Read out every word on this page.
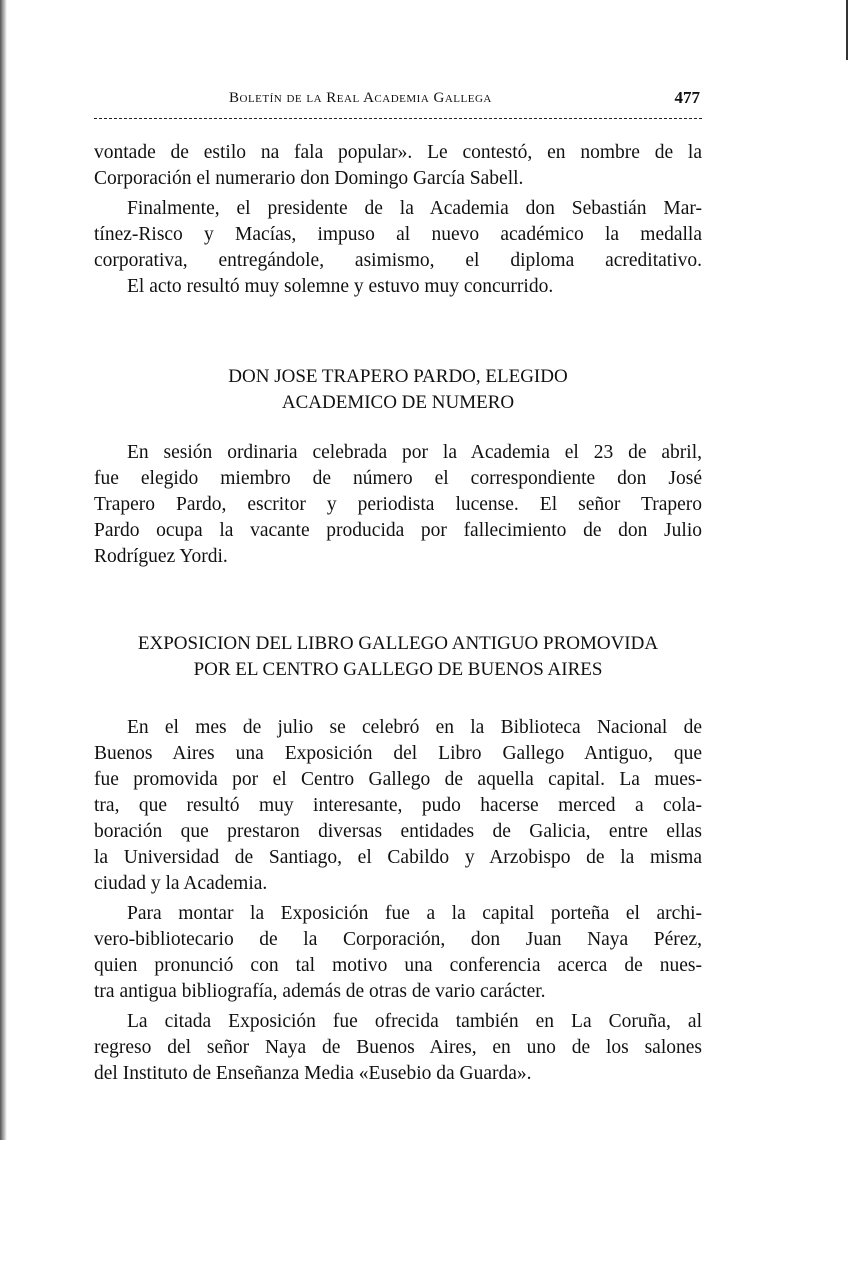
Boletín de la Real Academia Gallega	477
vontade de estilo na fala popular». Le contestó, en nombre de la
Corporación el numerario don Domingo García Sabell.
Finalmente, el presidente de la Academia don Sebastián Mar-
tínez-Risco y Macías, impuso al nuevo académico la medalla
corporativa, entregándole, asimismo, el diploma acreditativo.
El acto resultó muy solemne y estuvo muy concurrido.
DON JOSE TRAPERO PARDO, ELEGIDO
ACADEMICO DE NUMERO
En sesión ordinaria celebrada por la Academia el 23 de abril,
fue elegido miembro de número el correspondiente don José
Trapero Pardo, escritor y periodista lucense. El señor Trapero
Pardo ocupa la vacante producida por fallecimiento de don Julio
Rodríguez Yordi.
EXPOSICION DEL LIBRO GALLEGO ANTIGUO PROMOVIDA
POR EL CENTRO GALLEGO DE BUENOS AIRES
En el mes de julio se celebró en la Biblioteca Nacional de
Buenos Aires una Exposición del Libro Gallego Antiguo, que
fue promovida por el Centro Gallego de aquella capital. La mues-
tra, que resultó muy interesante, pudo hacerse merced a cola-
boración que prestaron diversas entidades de Galicia, entre ellas
la Universidad de Santiago, el Cabildo y Arzobispo de la misma
ciudad y la Academia.
Para montar la Exposición fue a la capital porteña el archi-
vero-bibliotecario de la Corporación, don Juan Naya Pérez,
quien pronunció con tal motivo una conferencia acerca de nues-
tra antigua bibliografía, además de otras de vario carácter.
La citada Exposición fue ofrecida también en La Coruña, al
regreso del señor Naya de Buenos Aires, en uno de los salones
del Instituto de Enseñanza Media «Eusebio da Guarda».
